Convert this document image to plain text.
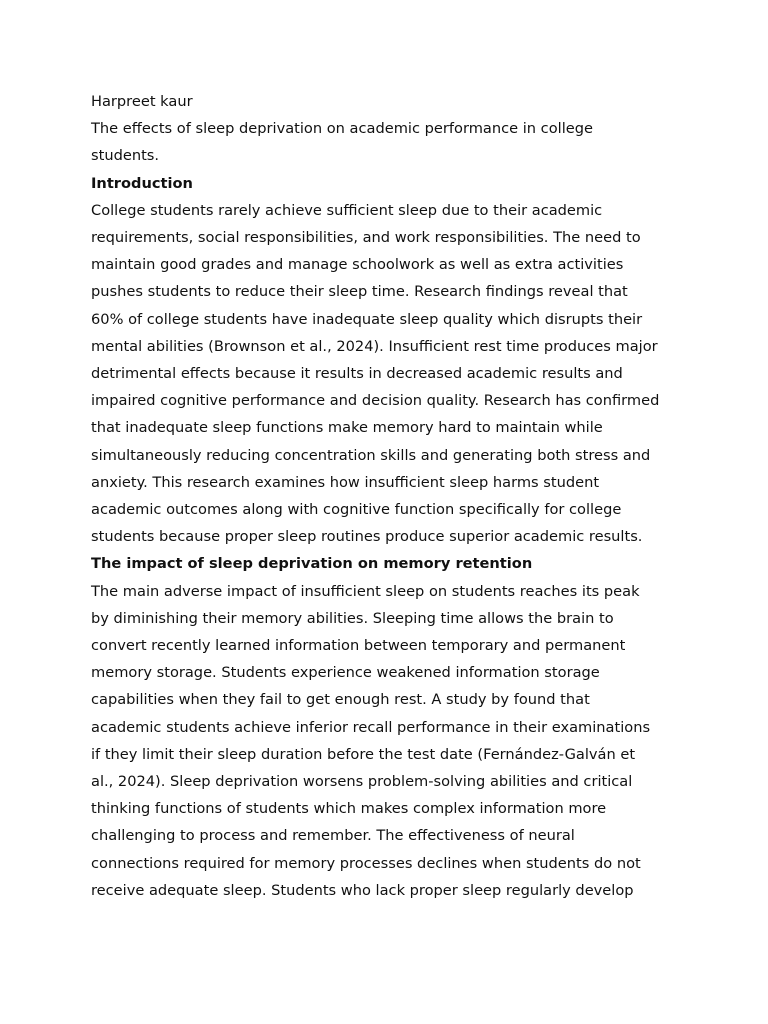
Harpreet kaur
The effects of sleep deprivation on academic performance in college
students.
Introduction
College students rarely achieve sufficient sleep due to their academic
requirements, social responsibilities, and work responsibilities. The need to
maintain good grades and manage schoolwork as well as extra activities
pushes students to reduce their sleep time. Research findings reveal that
60% of college students have inadequate sleep quality which disrupts their
mental abilities (Brownson et al., 2024). Insufficient rest time produces major
detrimental effects because it results in decreased academic results and
impaired cognitive performance and decision quality. Research has confirmed
that inadequate sleep functions make memory hard to maintain while
simultaneously reducing concentration skills and generating both stress and
anxiety. This research examines how insufficient sleep harms student
academic outcomes along with cognitive function specifically for college
students because proper sleep routines produce superior academic results.
The impact of sleep deprivation on memory retention
The main adverse impact of insufficient sleep on students reaches its peak
by diminishing their memory abilities. Sleeping time allows the brain to
convert recently learned information between temporary and permanent
memory storage. Students experience weakened information storage
capabilities when they fail to get enough rest. A study by found that
academic students achieve inferior recall performance in their examinations
if they limit their sleep duration before the test date (Fernández-Galván et
al., 2024). Sleep deprivation worsens problem-solving abilities and critical
thinking functions of students which makes complex information more
challenging to process and remember. The effectiveness of neural
connections required for memory processes declines when students do not
receive adequate sleep. Students who lack proper sleep regularly develop
